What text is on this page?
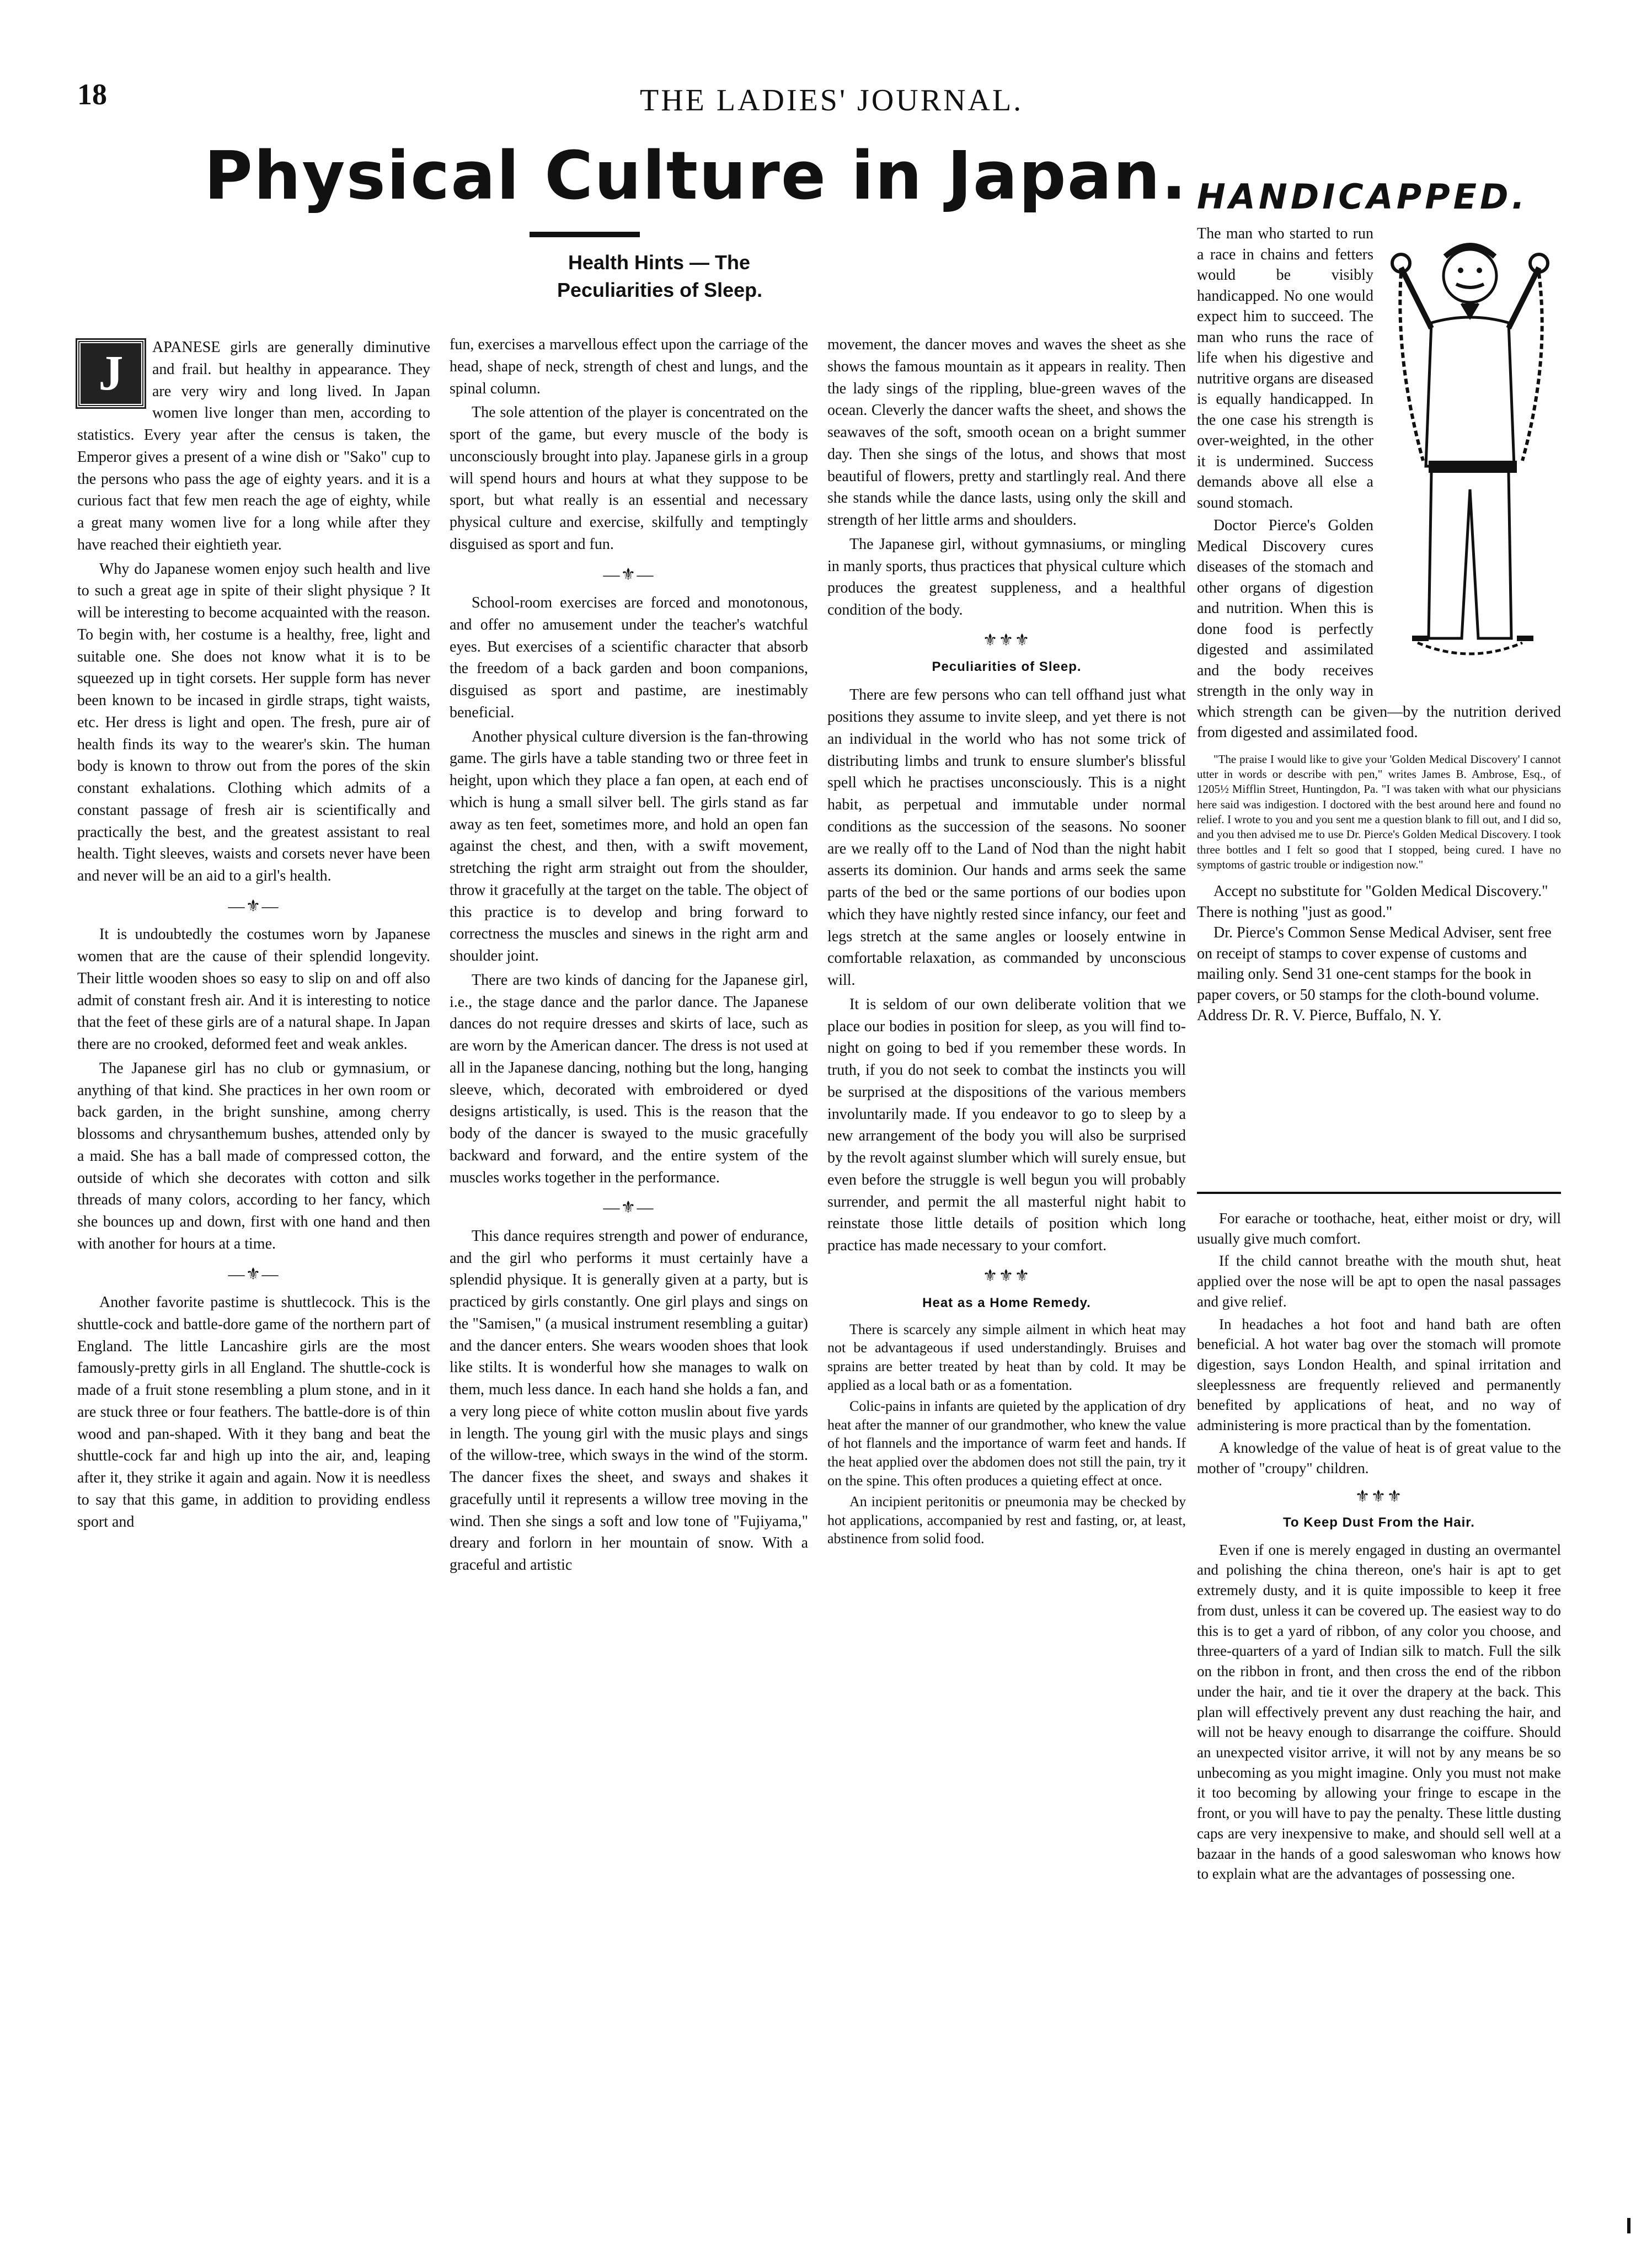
18	THE LADIES' JOURNAL.
Physical Culture in Japan.
Health Hints — The
Peculiarities of Sleep.

J	APANESE girls are generally diminutive and frail. but healthy in appearance. They are very wiry and long lived. In Japan women live longer than men, according to statistics. Every year after the census is taken, the Emperor gives a present of a wine dish or "Sako" cup to the persons who pass the age of eighty years. and it is a curious fact that few men reach the age of eighty, while a great many women live for a long while after they have reached their eightieth year.

Why do Japanese women enjoy such health and live to such a great age in spite of their slight physique ? It will be interesting to become acquainted with the reason. To begin with, her costume is a healthy, free, light and suitable one. She does not know what it is to be squeezed up in tight corsets. Her supple form has never been known to be incased in girdle straps, tight waists, etc. Her dress is light and open. The fresh, pure air of health finds its way to the wearer's skin. The human body is known to throw out from the pores of the skin constant exhalations. Clothing which admits of a constant passage of fresh air is scientifically and practically the best, and the greatest assistant to real health. Tight sleeves, waists and corsets never have been and never will be an aid to a girl's health.

—⚜—

It is undoubtedly the costumes worn by Japanese women that are the cause of their splendid longevity. Their little wooden shoes so easy to slip on and off also admit of constant fresh air. And it is interesting to notice that the feet of these girls are of a natural shape. In Japan there are no crooked, deformed feet and weak ankles.

The Japanese girl has no club or gymnasium, or anything of that kind. She practices in her own room or back garden, in the bright sunshine, among cherry blossoms and chrysanthemum bushes, attended only by a maid. She has a ball made of compressed cotton, the outside of which she decorates with cotton and silk threads of many colors, according to her fancy, which she bounces up and down, first with one hand and then with another for hours at a time.

—⚜—

Another favorite pastime is shuttlecock. This is the shuttle-cock and battle-dore game of the northern part of England. The little Lancashire girls are the most famously-pretty girls in all England. The shuttle-cock is made of a fruit stone resembling a plum stone, and in it are stuck three or four feathers. The battle-dore is of thin wood and pan-shaped. With it they bang and beat the shuttle-cock far and high up into the air, and, leaping after it, they strike it again and again. Now it is needless to say that this game, in addition to providing endless sport and

fun, exercises a marvellous effect upon the carriage of the head, shape of neck, strength of chest and lungs, and the spinal column.

The sole attention of the player is concentrated on the sport of the game, but every muscle of the body is unconsciously brought into play. Japanese girls in a group will spend hours and hours at what they suppose to be sport, but what really is an essential and necessary physical culture and exercise, skilfully and temptingly disguised as sport and fun.

—⚜—

School-room exercises are forced and monotonous, and offer no amusement under the teacher's watchful eyes. But exercises of a scientific character that absorb the freedom of a back garden and boon companions, disguised as sport and pastime, are inestimably beneficial.

Another physical culture diversion is the fan-throwing game. The girls have a table standing two or three feet in height, upon which they place a fan open, at each end of which is hung a small silver bell. The girls stand as far away as ten feet, sometimes more, and hold an open fan against the chest, and then, with a swift movement, stretching the right arm straight out from the shoulder, throw it gracefully at the target on the table. The object of this practice is to develop and bring forward to correctness the muscles and sinews in the right arm and shoulder joint.

There are two kinds of dancing for the Japanese girl, i.e., the stage dance and the parlor dance. The Japanese dances do not require dresses and skirts of lace, such as are worn by the American dancer. The dress is not used at all in the Japanese dancing, nothing but the long, hanging sleeve, which, decorated with embroidered or dyed designs artistically, is used. This is the reason that the body of the dancer is swayed to the music gracefully backward and forward, and the entire system of the muscles works together in the performance.

—⚜—

This dance requires strength and power of endurance, and the girl who performs it must certainly have a splendid physique. It is generally given at a party, but is practiced by girls constantly. One girl plays and sings on the "Samisen," (a musical instrument resembling a guitar) and the dancer enters. She wears wooden shoes that look like stilts. It is wonderful how she manages to walk on them, much less dance. In each hand she holds a fan, and a very long piece of white cotton muslin about five yards in length. The young girl with the music plays and sings of the willow-tree, which sways in the wind of the storm. The dancer fixes the sheet, and sways and shakes it gracefully until it represents a willow tree moving in the wind. Then she sings a soft and low tone of "Fujiyama," dreary and forlorn in her mountain of snow. With a graceful and artistic

movement, the dancer moves and waves the sheet as she shows the famous mountain as it appears in reality. Then the lady sings of the rippling, blue-green waves of the ocean. Cleverly the dancer wafts the sheet, and shows the seawaves of the soft, smooth ocean on a bright summer day. Then she sings of the lotus, and shows that most beautiful of flowers, pretty and startlingly real. And there she stands while the dance lasts, using only the skill and strength of her little arms and shoulders.

The Japanese girl, without gymnasiums, or mingling in manly sports, thus practices that physical culture which produces the greatest suppleness, and a healthful condition of the body.

⚜⚜⚜
Peculiarities of Sleep.

There are few persons who can tell offhand just what positions they assume to invite sleep, and yet there is not an individual in the world who has not some trick of distributing limbs and trunk to ensure slumber's blissful spell which he practises unconsciously. This is a night habit, as perpetual and immutable under normal conditions as the succession of the seasons. No sooner are we really off to the Land of Nod than the night habit asserts its dominion. Our hands and arms seek the same parts of the bed or the same portions of our bodies upon which they have nightly rested since infancy, our feet and legs stretch at the same angles or loosely entwine in comfortable relaxation, as commanded by unconscious will.

It is seldom of our own deliberate volition that we place our bodies in position for sleep, as you will find to-night on going to bed if you remember these words. In truth, if you do not seek to combat the instincts you will be surprised at the dispositions of the various members involuntarily made. If you endeavor to go to sleep by a new arrangement of the body you will also be surprised by the revolt against slumber which will surely ensue, but even before the struggle is well begun you will probably surrender, and permit the all masterful night habit to reinstate those little details of position which long practice has made necessary to your comfort.

⚜⚜⚜
Heat as a Home Remedy.

There is scarcely any simple ailment in which heat may not be advantageous if used understandingly. Bruises and sprains are better treated by heat than by cold. It may be applied as a local bath or as a fomentation.

Colic-pains in infants are quieted by the application of dry heat after the manner of our grandmother, who knew the value of hot flannels and the importance of warm feet and hands. If the heat applied over the abdomen does not still the pain, try it on the spine. This often produces a quieting effect at once.

An incipient peritonitis or pneumonia may be checked by hot applications, accompanied by rest and fasting, or, at least, abstinence from solid food.

HANDICAPPED.
The man who started to run a race in chains and fetters would be visibly handicapped. No one would expect him to succeed. The man who runs the race of life when his digestive and nutritive organs are diseased is equally handicapped. In the one case his strength is over-weighted, in the other it is undermined. Success demands above all else a sound stomach.
Doctor Pierce's Golden Medical Discovery cures diseases of the stomach and other organs of digestion and nutrition. When this is done food is perfectly digested and assimilated and the body receives strength in the only way in which strength can be given—by the nutrition derived from digested and assimilated food.
"The praise I would like to give your 'Golden Medical Discovery' I cannot utter in words or describe with pen," writes James B. Ambrose, Esq., of 1205½ Mifflin Street, Huntingdon, Pa. "I was taken with what our physicians here said was indigestion. I doctored with the best around here and found no relief. I wrote to you and you sent me a question blank to fill out, and I did so, and you then advised me to use Dr. Pierce's Golden Medical Discovery. I took three bottles and I felt so good that I stopped, being cured. I have no symptoms of gastric trouble or indigestion now."
Accept no substitute for "Golden Medical Discovery." There is nothing "just as good."
Dr. Pierce's Common Sense Medical Adviser, sent free on receipt of stamps to cover expense of customs and mailing only. Send 31 one-cent stamps for the book in paper covers, or 50 stamps for the cloth-bound volume. Address Dr. R. V. Pierce, Buffalo, N. Y.

For earache or toothache, heat, either moist or dry, will usually give much comfort.

If the child cannot breathe with the mouth shut, heat applied over the nose will be apt to open the nasal passages and give relief.

In headaches a hot foot and hand bath are often beneficial. A hot water bag over the stomach will promote digestion, says London Health, and spinal irritation and sleeplessness are frequently relieved and permanently benefited by applications of heat, and no way of administering is more practical than by the fomentation.

A knowledge of the value of heat is of great value to the mother of "croupy" children.

⚜⚜⚜
To Keep Dust From the Hair.

Even if one is merely engaged in dusting an overmantel and polishing the china thereon, one's hair is apt to get extremely dusty, and it is quite impossible to keep it free from dust, unless it can be covered up. The easiest way to do this is to get a yard of ribbon, of any color you choose, and three-quarters of a yard of Indian silk to match. Full the silk on the ribbon in front, and then cross the end of the ribbon under the hair, and tie it over the drapery at the back. This plan will effectively prevent any dust reaching the hair, and will not be heavy enough to disarrange the coiffure. Should an unexpected visitor arrive, it will not by any means be so unbecoming as you might imagine. Only you must not make it too becoming by allowing your fringe to escape in the front, or you will have to pay the penalty. These little dusting caps are very inexpensive to make, and should sell well at a bazaar in the hands of a good saleswoman who knows how to explain what are the advantages of possessing one.
